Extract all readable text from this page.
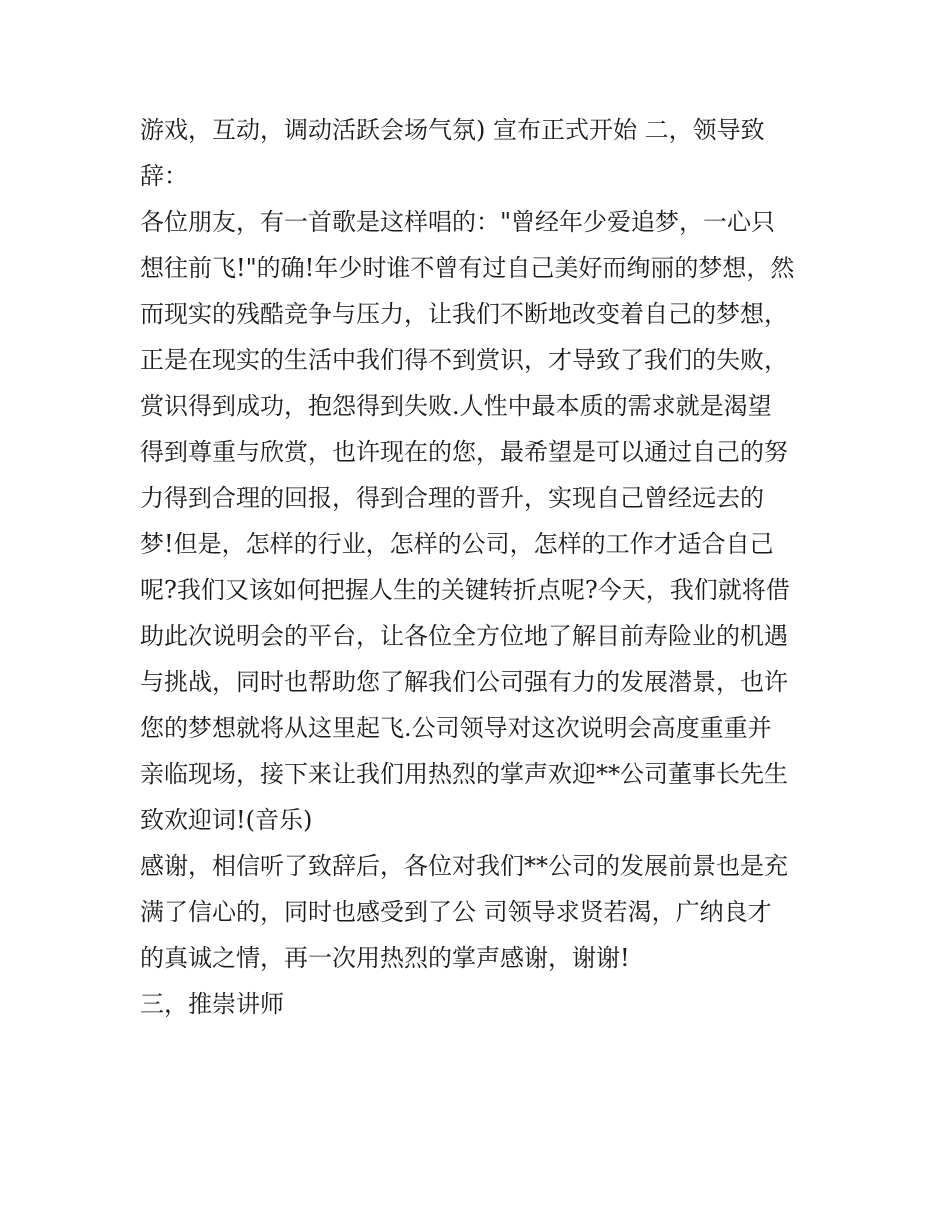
游戏，互动，调动活跃会场气氛) 宣布正式开始 二，领导致
辞：

各位朋友，有一首歌是这样唱的："曾经年少爱追梦，一心只
想往前飞!"的确!年少时谁不曾有过自己美好而绚丽的梦想，然
而现实的残酷竞争与压力，让我们不断地改变着自己的梦想，
正是在现实的生活中我们得不到赏识，才导致了我们的失败，
赏识得到成功，抱怨得到失败.人性中最本质的需求就是渴望
得到尊重与欣赏，也许现在的您，最希望是可以通过自己的努
力得到合理的回报，得到合理的晋升，实现自己曾经远去的
梦!但是，怎样的行业，怎样的公司，怎样的工作才适合自己
呢?我们又该如何把握人生的关键转折点呢?今天，我们就将借
助此次说明会的平台，让各位全方位地了解目前寿险业的机遇
与挑战，同时也帮助您了解我们公司强有力的发展潜景，也许
您的梦想就将从这里起飞.公司领导对这次说明会高度重重并
亲临现场，接下来让我们用热烈的掌声欢迎**公司董事长先生
致欢迎词!(音乐)

感谢，相信听了致辞后，各位对我们**公司的发展前景也是充
满了信心的，同时也感受到了公 司领导求贤若渴，广纳良才
的真诚之情，再一次用热烈的掌声感谢，谢谢!

三，推崇讲师
